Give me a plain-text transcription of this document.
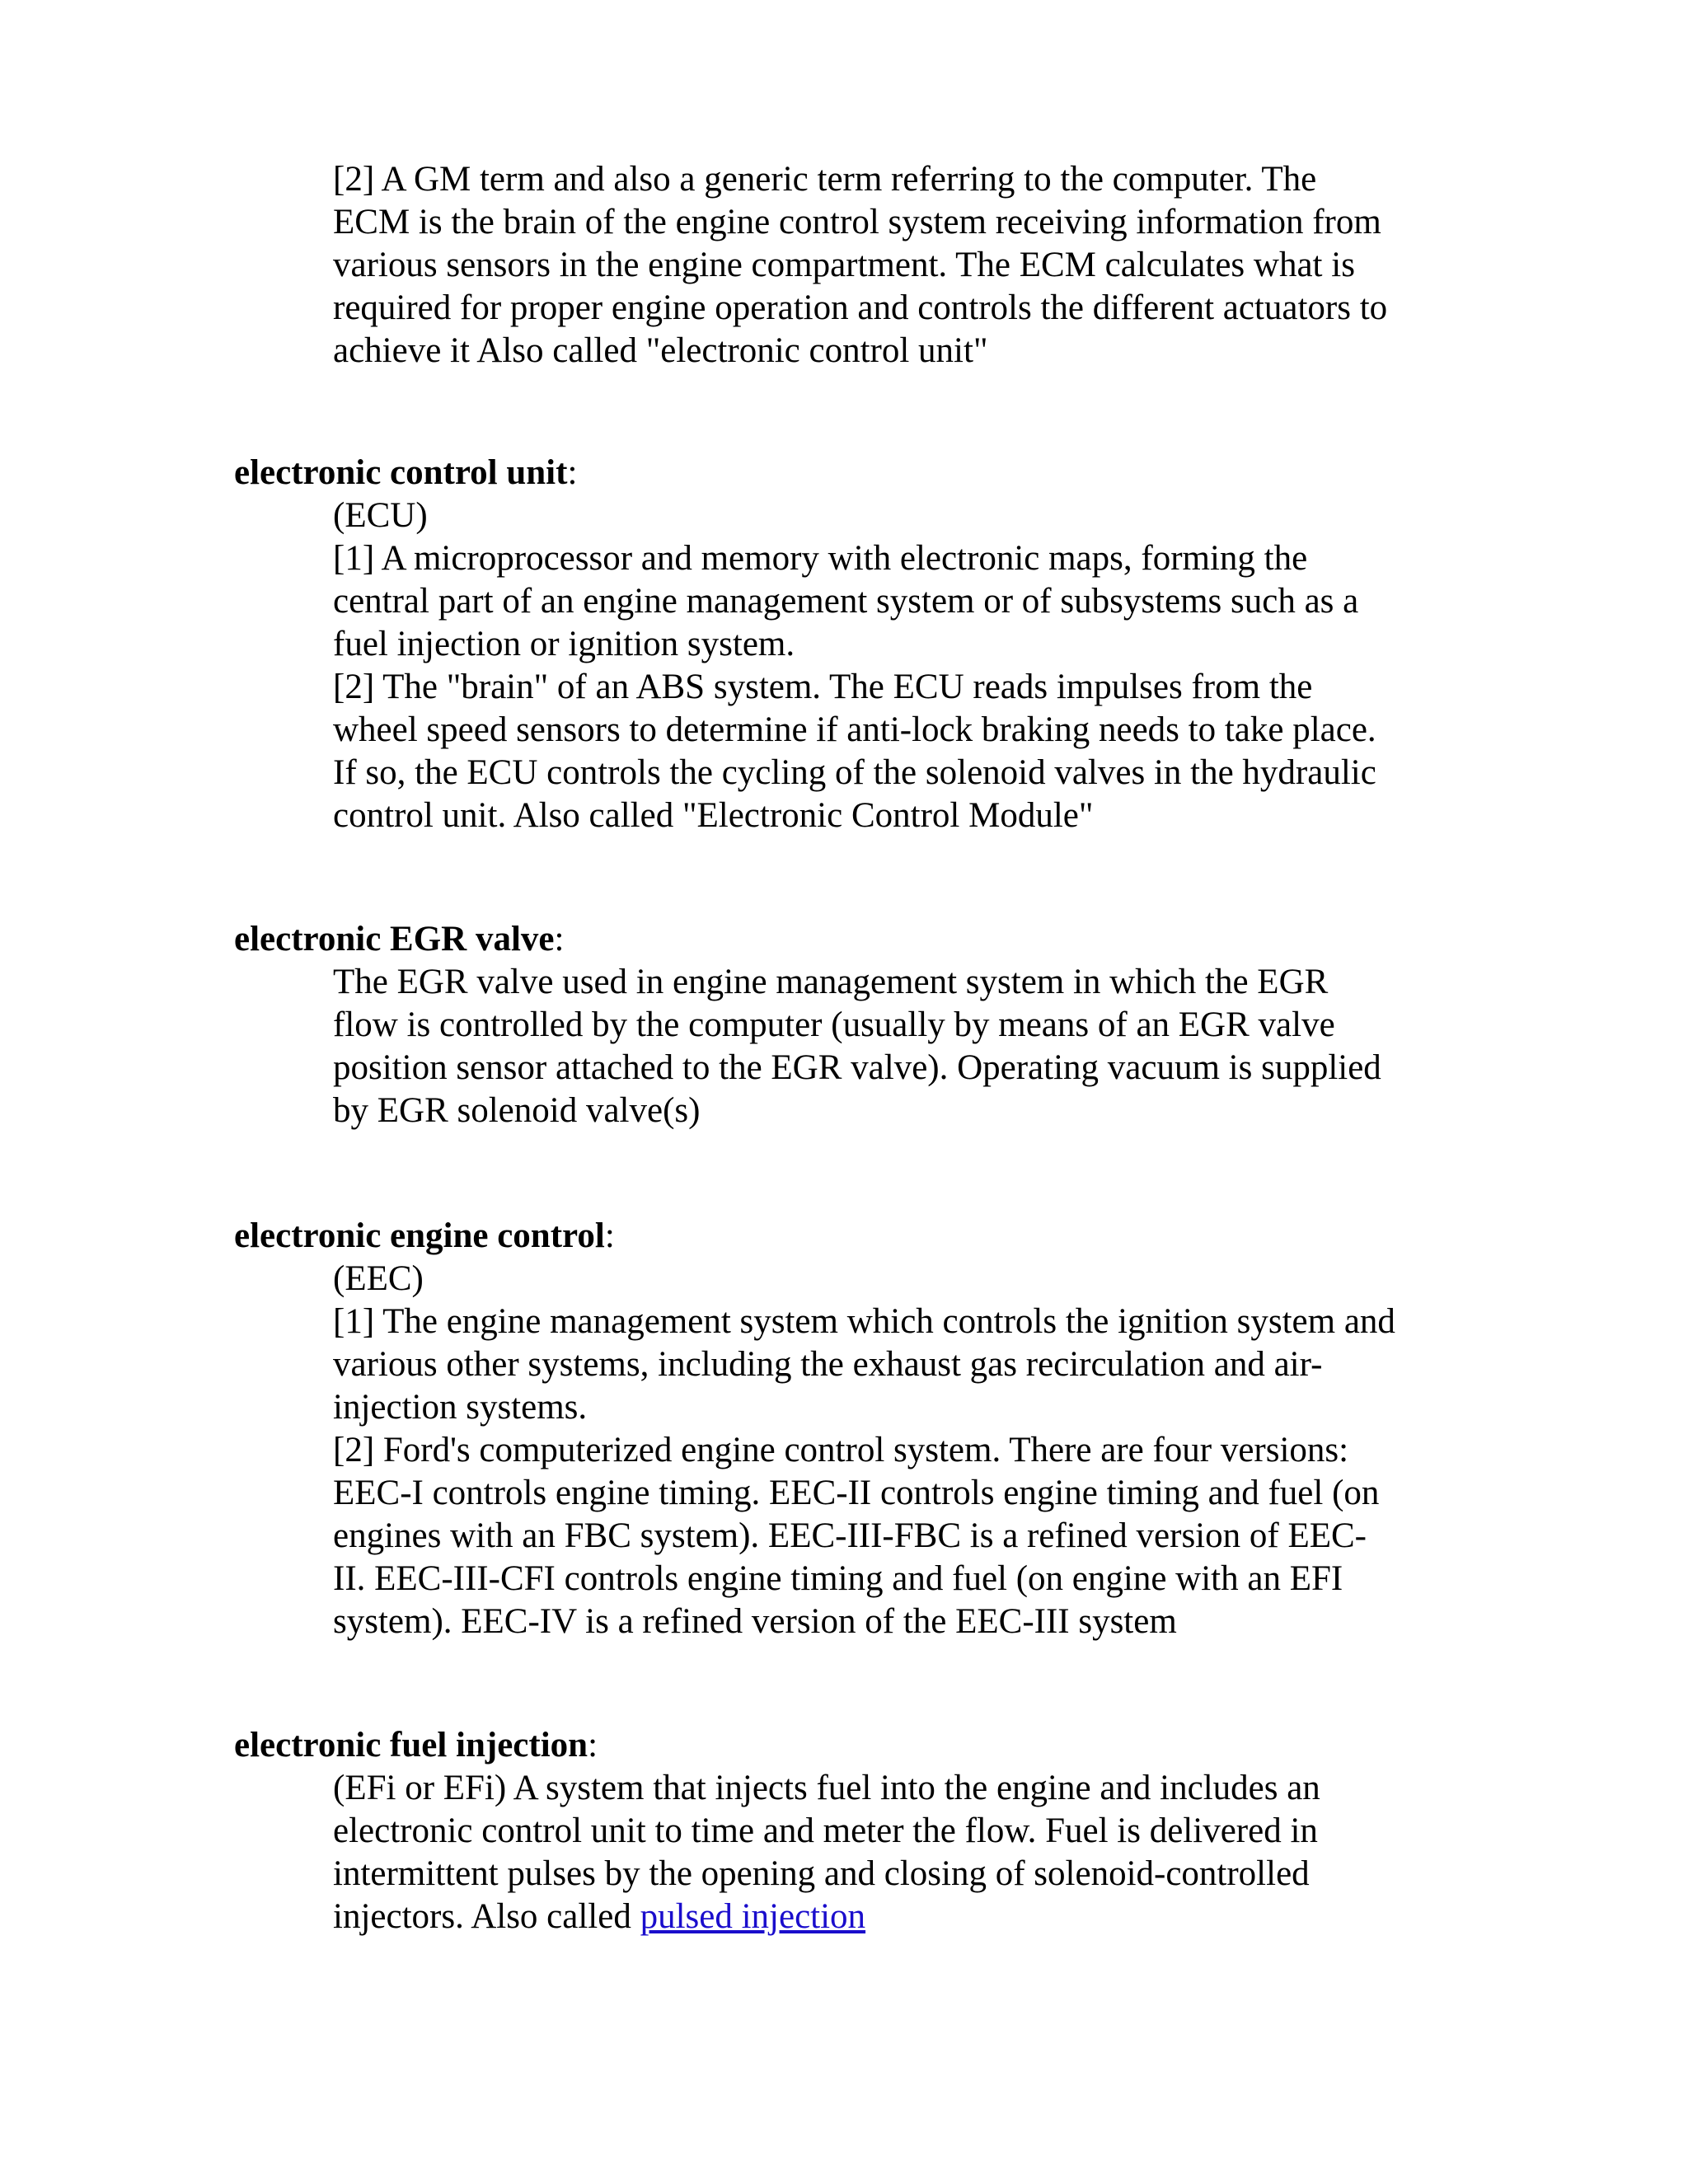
[2] A GM term and also a generic term referring to the computer. The
ECM is the brain of the engine control system receiving information from
various sensors in the engine compartment. The ECM calculates what is
required for proper engine operation and controls the different actuators to
achieve it Also called "electronic control unit"
electronic control unit:
(ECU)
[1] A microprocessor and memory with electronic maps, forming the
central part of an engine management system or of subsystems such as a
fuel injection or ignition system.
[2] The "brain" of an ABS system. The ECU reads impulses from the
wheel speed sensors to determine if anti-lock braking needs to take place.
If so, the ECU controls the cycling of the solenoid valves in the hydraulic
control unit. Also called "Electronic Control Module"
electronic EGR valve:
The EGR valve used in engine management system in which the EGR
flow is controlled by the computer (usually by means of an EGR valve
position sensor attached to the EGR valve). Operating vacuum is supplied
by EGR solenoid valve(s)
electronic engine control:
(EEC)
[1] The engine management system which controls the ignition system and
various other systems, including the exhaust gas recirculation and air-
injection systems.
[2] Ford's computerized engine control system. There are four versions:
EEC-I controls engine timing. EEC-II controls engine timing and fuel (on
engines with an FBC system). EEC-III-FBC is a refined version of EEC-
II. EEC-III-CFI controls engine timing and fuel (on engine with an EFI
system). EEC-IV is a refined version of the EEC-III system
electronic fuel injection:
(EFi or EFi) A system that injects fuel into the engine and includes an
electronic control unit to time and meter the flow. Fuel is delivered in
intermittent pulses by the opening and closing of solenoid-controlled
injectors. Also called pulsed injection
